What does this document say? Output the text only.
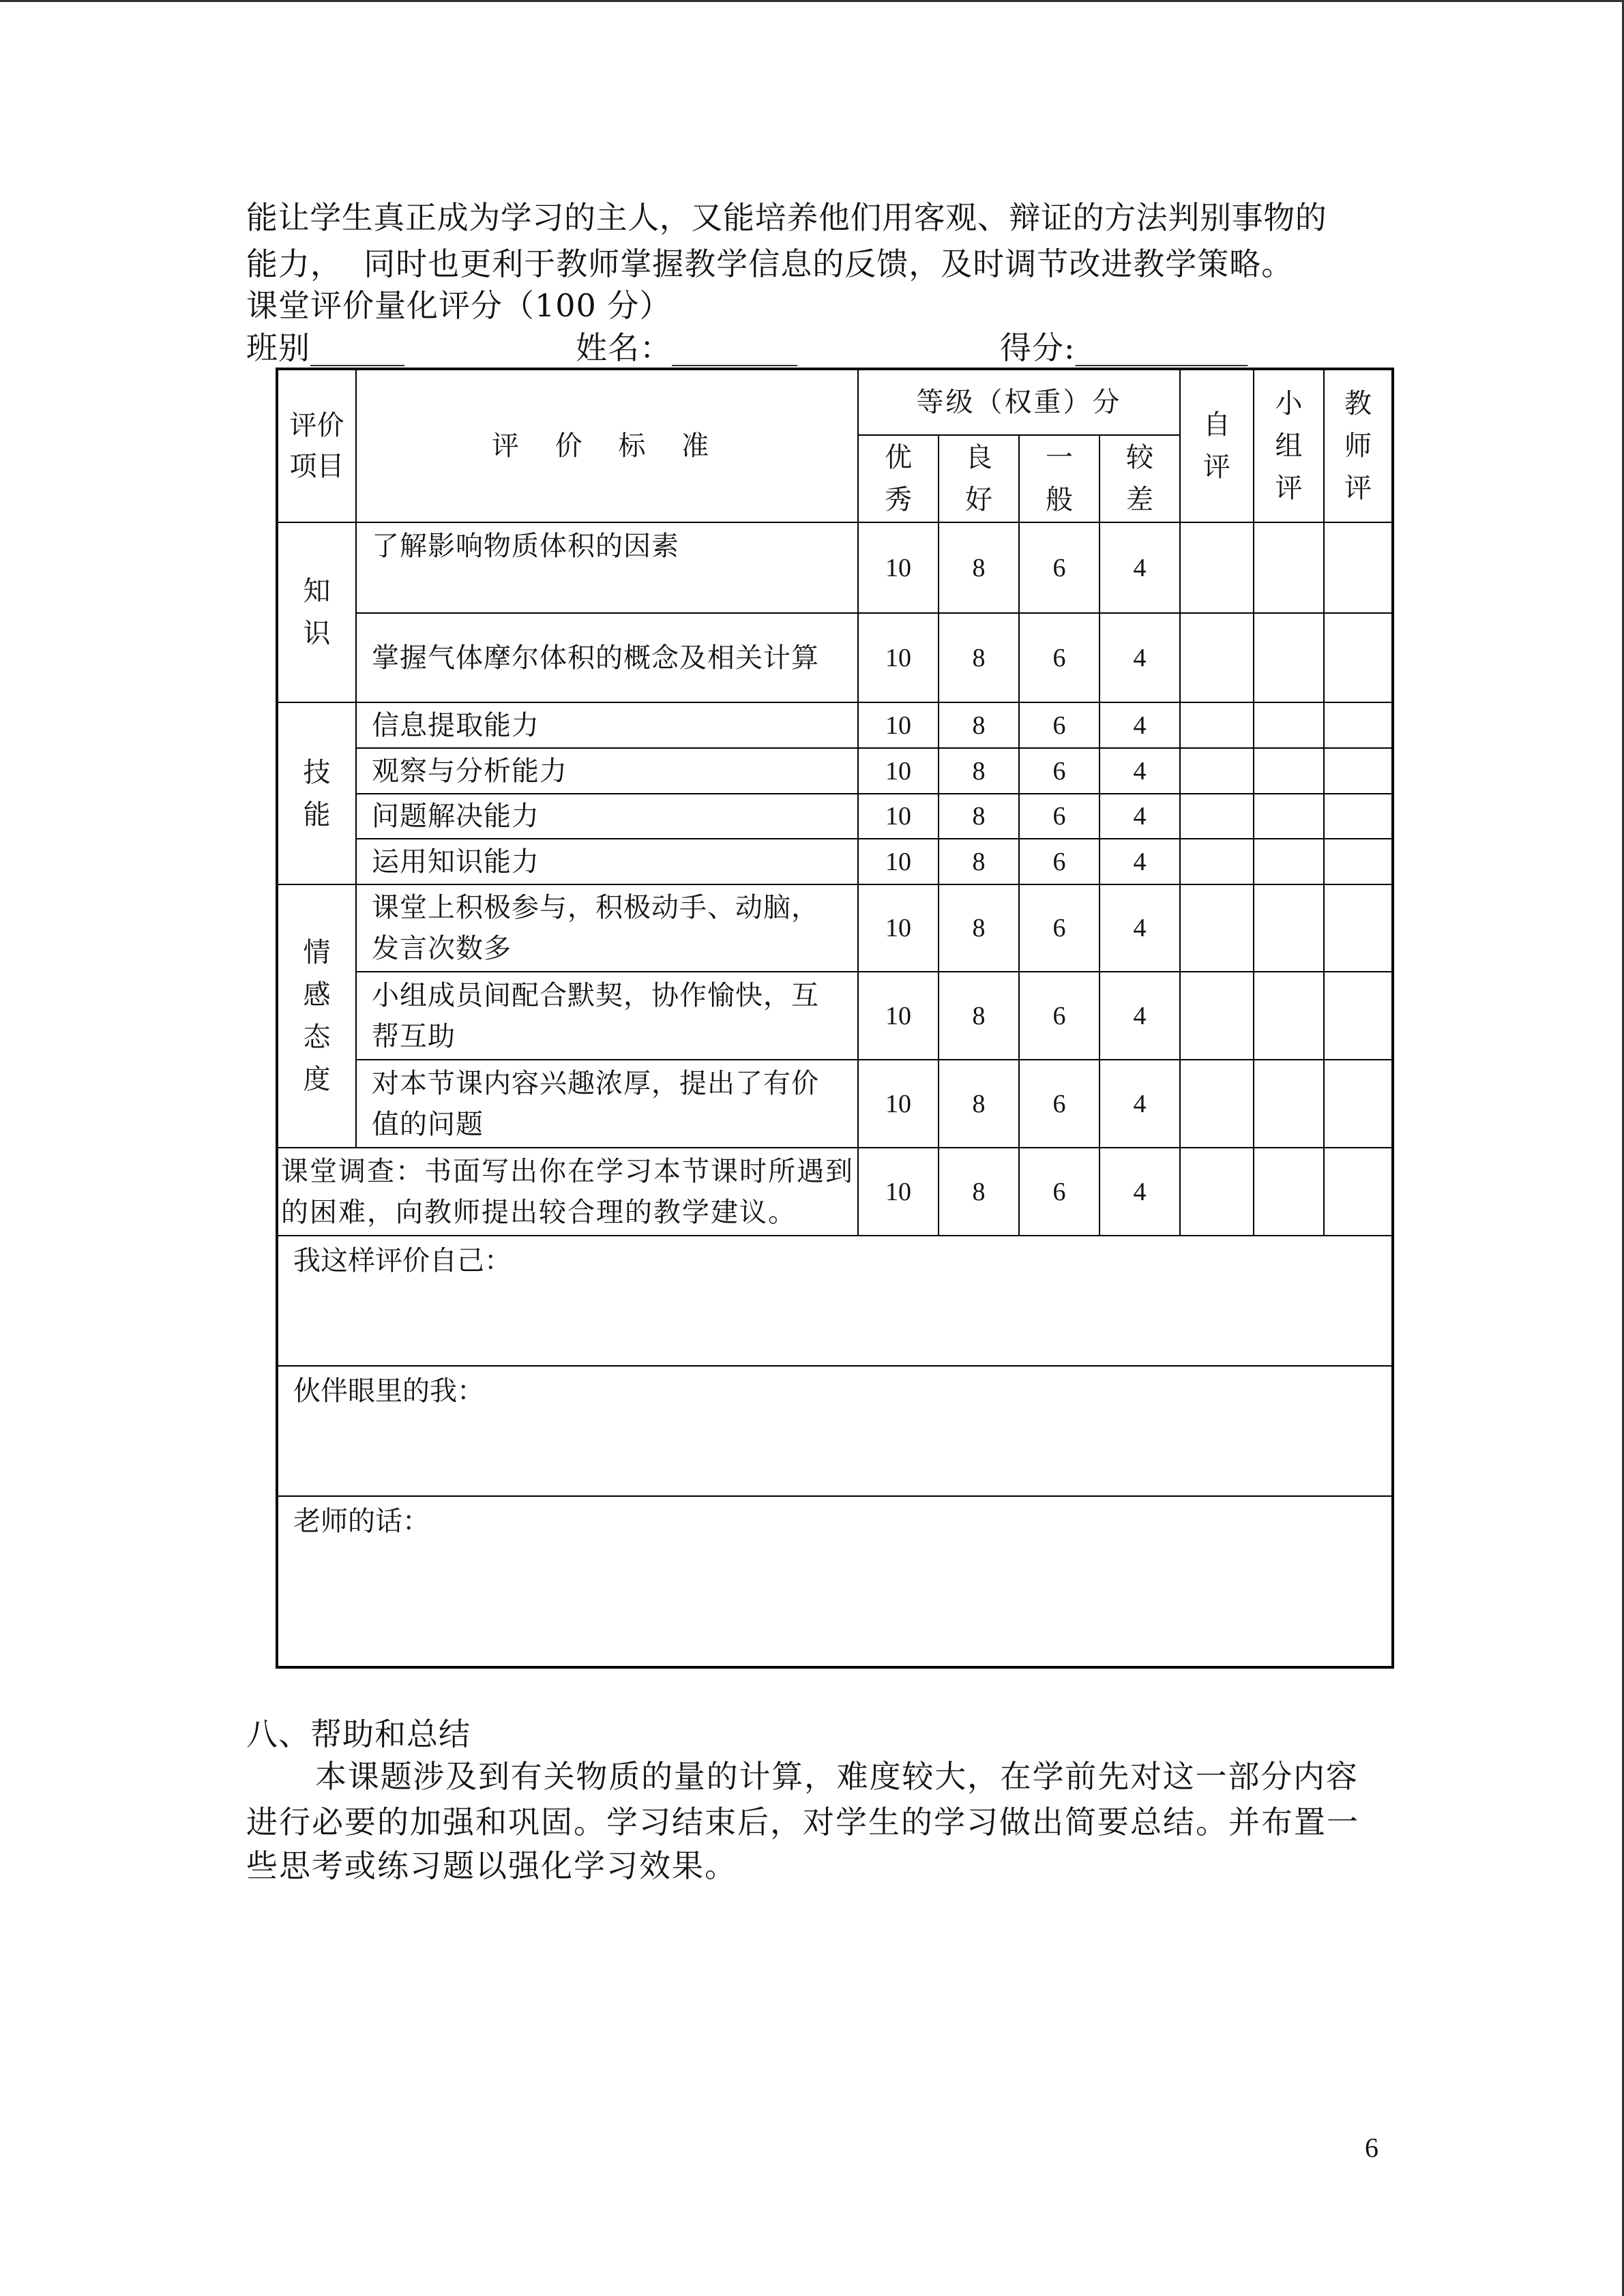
能让学生真正成为学习的主人，又能培养他们用客观、辩证的方法判别事物的
能力，  同时也更利于教师掌握教学信息的反馈，及时调节改进教学策略。
课堂评价量化评分（100 分）
班别______	姓名：________	得分:___________
评价项目	评 价 标 准	等级（权重）分				自评	小组评	教师评
		优秀	良好	一般	较差			
知识	了解影响物质体积的因素	10	8	6	4			

	掌握气体摩尔体积的概念及相关计算	10	8	6	4			
技能	信息提取能力	10	8	6	4			

	观察与分析能力	10	8	6	4			

	问题解决能力	10	8	6	4			

	运用知识能力	10	8	6	4			
情感态度	课堂上积极参与，积极动手、动脑，
发言次数多	10	8	6	4			

	小组成员间配合默契，协作愉快，互
帮互助	10	8	6	4			

	对本节课内容兴趣浓厚，提出了有价
值的问题	10	8	6	4			

课堂调查：书面写出你在学习本节课时所遇到
的困难，向教师提出较合理的教学建议。		10	8	6	4			
我这样评价自己：								
伙伴眼里的我：								
老师的话：								
八、帮助和总结
本课题涉及到有关物质的量的计算，难度较大，在学前先对这一部分内容
进行必要的加强和巩固。学习结束后，对学生的学习做出简要总结。并布置一
些思考或练习题以强化学习效果。
6
